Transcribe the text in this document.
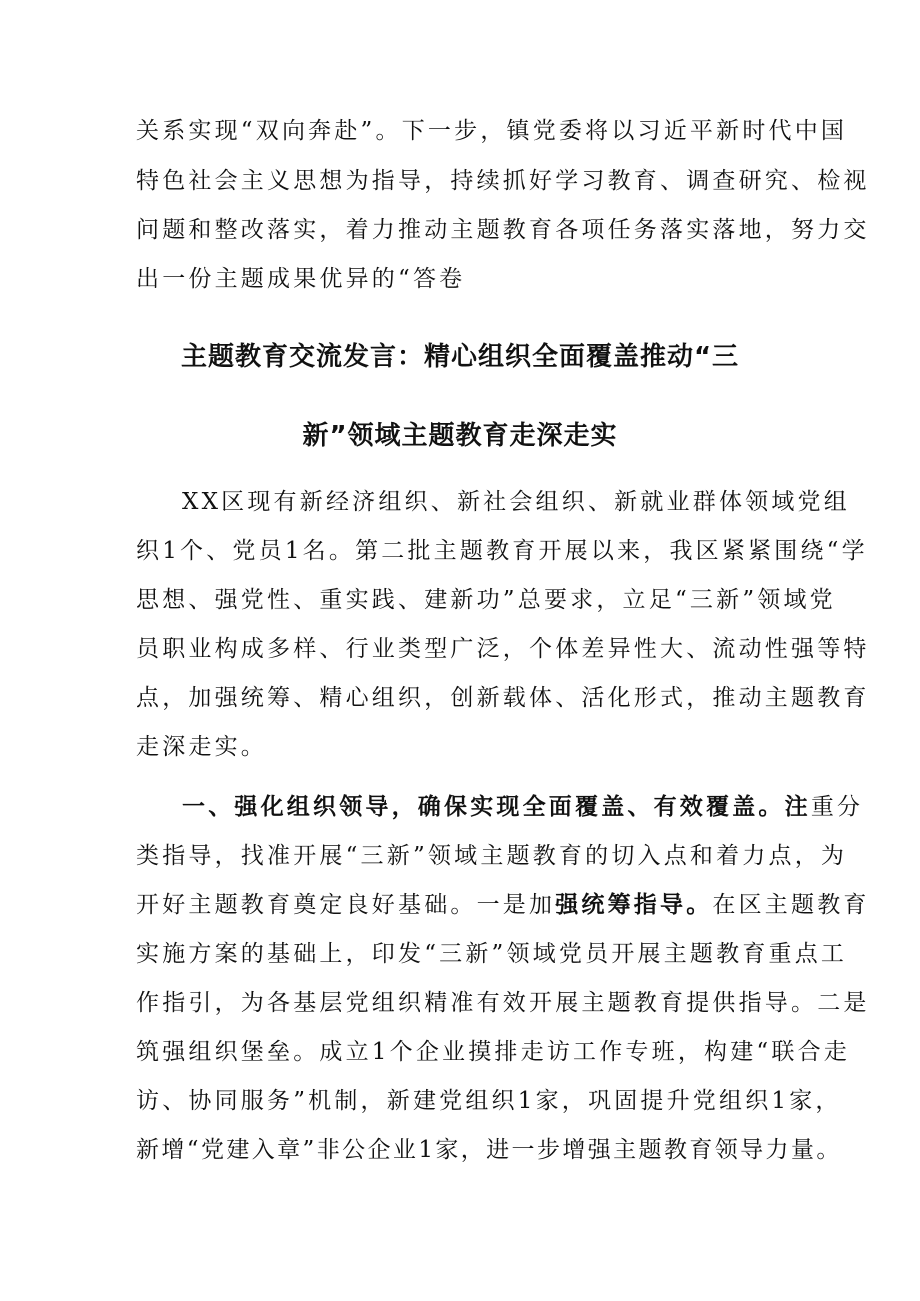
关系实现“双向奔赴”。下一步，镇党委将以习近平新时代中国
特色社会主义思想为指导，持续抓好学习教育、调查研究、检视
问题和整改落实，着力推动主题教育各项任务落实落地，努力交
出一份主题成果优异的“答卷
主题教育交流发言：精心组织全面覆盖推动“三
新”领域主题教育走深走实
XX区现有新经济组织、新社会组织、新就业群体领域党组
织1个、党员1名。第二批主题教育开展以来，我区紧紧围绕“学
思想、强党性、重实践、建新功”总要求，立足“三新”领域党
员职业构成多样、行业类型广泛，个体差异性大、流动性强等特
点，加强统筹、精心组织，创新载体、活化形式，推动主题教育
走深走实。
一、强化组织领导，确保实现全面覆盖、有效覆盖。注重分
类指导，找准开展“三新”领域主题教育的切入点和着力点，为
开好主题教育奠定良好基础。一是加强统筹指导。在区主题教育
实施方案的基础上，印发“三新”领域党员开展主题教育重点工
作指引，为各基层党组织精准有效开展主题教育提供指导。二是
筑强组织堡垒。成立1个企业摸排走访工作专班，构建“联合走
访、协同服务”机制，新建党组织1家，巩固提升党组织1家，
新增“党建入章”非公企业1家，进一步增强主题教育领导力量。
